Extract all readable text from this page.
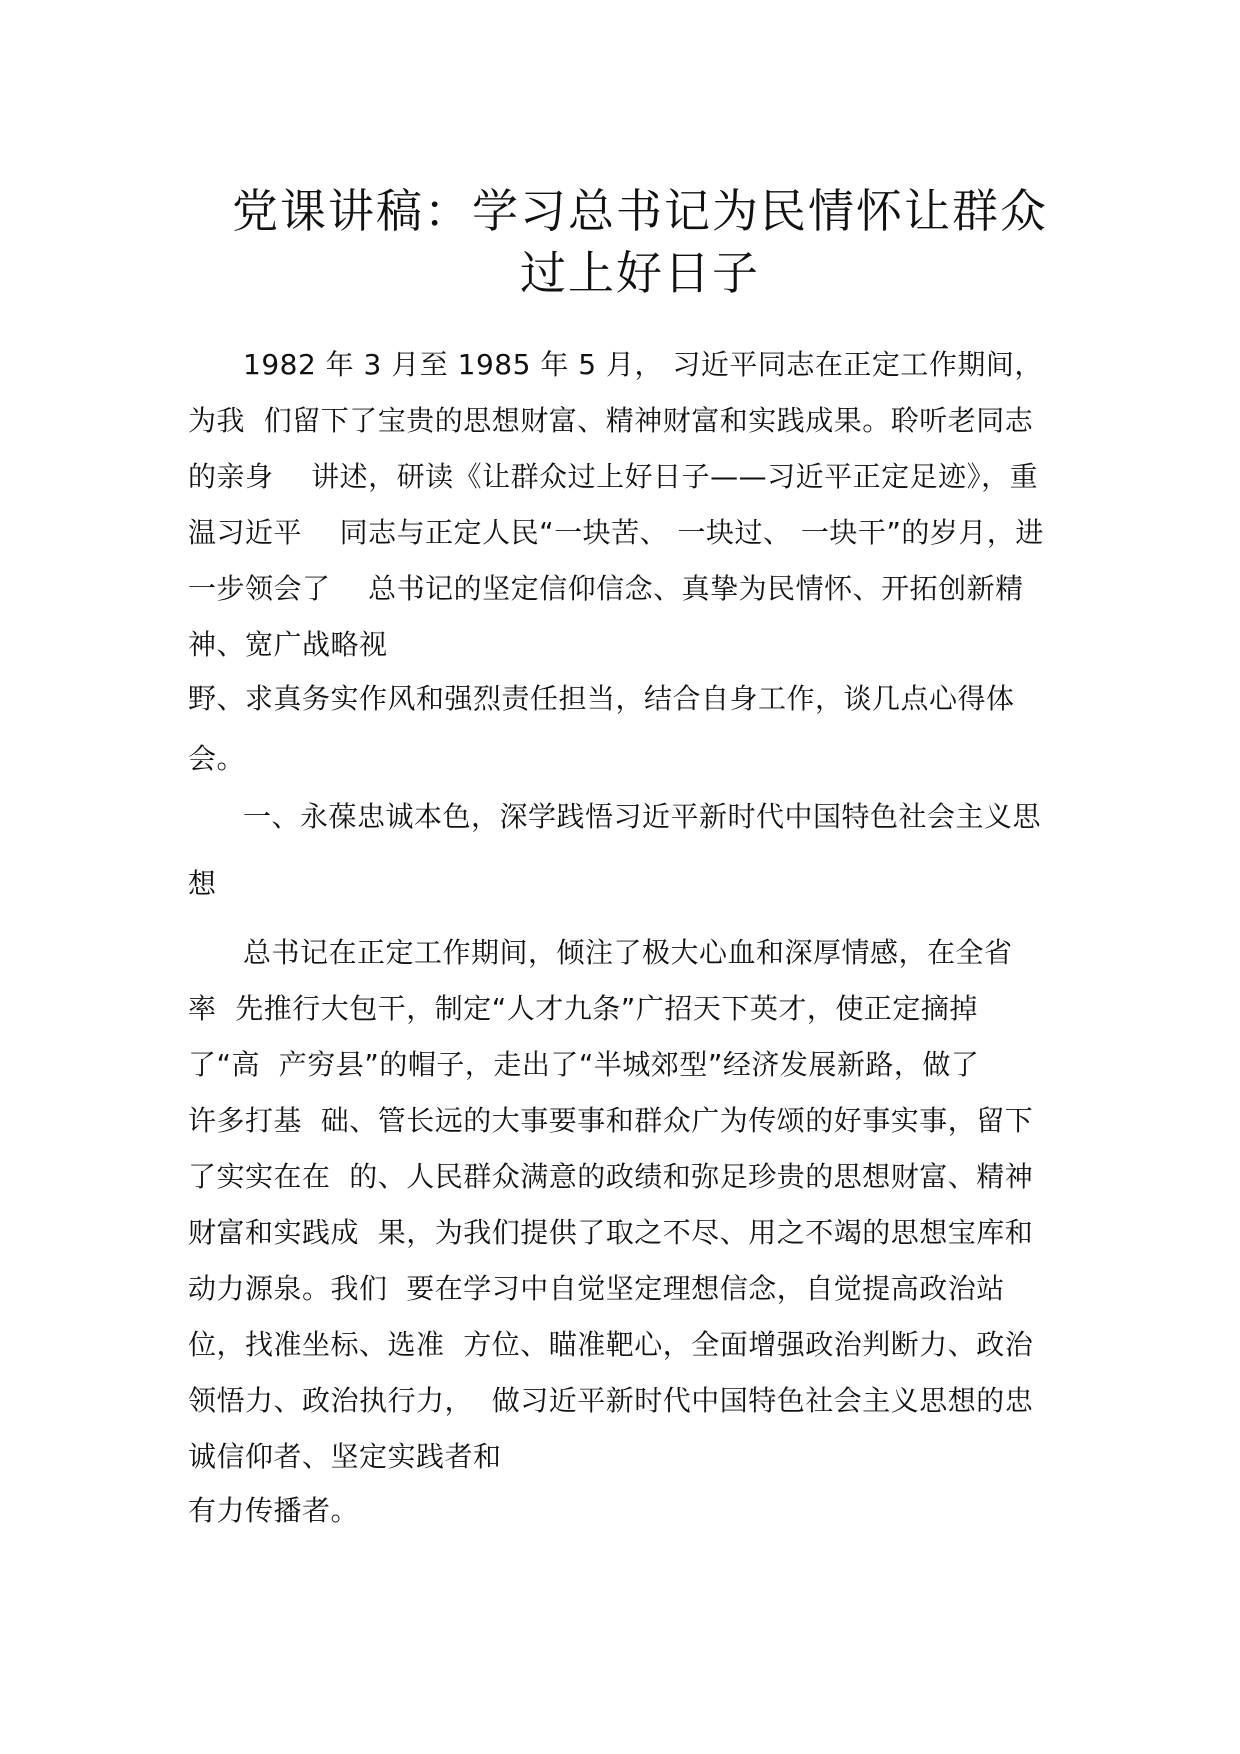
党课讲稿：学习总书记为民情怀让群众
过上好日子
1982 年 3 月至 1985 年 5 月， 习近平同志在正定工作期间，
为我  们留下了宝贵的思想财富、精神财富和实践成果。聆听老同志
的亲身    讲述，研读《让群众过上好日子——习近平正定足迹》，重
温习近平    同志与正定人民“一块苦、 一块过、 一块干”的岁月，进
一步领会了    总书记的坚定信仰信念、真挚为民情怀、开拓创新精
神、宽广战略视
野、求真务实作风和强烈责任担当，结合自身工作，谈几点心得体
会。
一、永葆忠诚本色，深学践悟习近平新时代中国特色社会主义思
想
总书记在正定工作期间，倾注了极大心血和深厚情感，在全省
率  先推行大包干，制定“人才九条”广招天下英才，使正定摘掉
了“高  产穷县”的帽子，走出了“半城郊型”经济发展新路，做了
许多打基  础、管长远的大事要事和群众广为传颂的好事实事，留下
了实实在在  的、人民群众满意的政绩和弥足珍贵的思想财富、精神
财富和实践成  果，为我们提供了取之不尽、用之不竭的思想宝库和
动力源泉。我们  要在学习中自觉坚定理想信念，自觉提高政治站
位，找准坐标、选准  方位、瞄准靶心，全面增强政治判断力、政治
领悟力、政治执行力，  做习近平新时代中国特色社会主义思想的忠
诚信仰者、坚定实践者和
有力传播者。
